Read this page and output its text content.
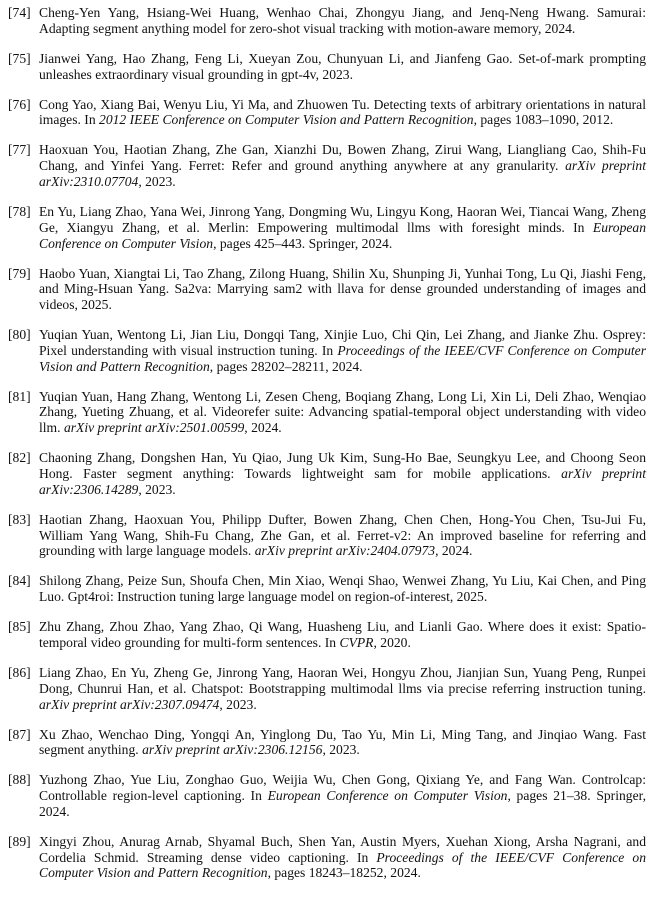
[74] Cheng-Yen Yang, Hsiang-Wei Huang, Wenhao Chai, Zhongyu Jiang, and Jenq-Neng Hwang. Samurai: Adapting segment anything model for zero-shot visual tracking with motion-aware memory, 2024.
[75] Jianwei Yang, Hao Zhang, Feng Li, Xueyan Zou, Chunyuan Li, and Jianfeng Gao. Set-of-mark prompting unleashes extraordinary visual grounding in gpt-4v, 2023.
[76] Cong Yao, Xiang Bai, Wenyu Liu, Yi Ma, and Zhuowen Tu. Detecting texts of arbitrary orientations in natural images. In 2012 IEEE Conference on Computer Vision and Pattern Recognition, pages 1083–1090, 2012.
[77] Haoxuan You, Haotian Zhang, Zhe Gan, Xianzhi Du, Bowen Zhang, Zirui Wang, Liangliang Cao, Shih-Fu Chang, and Yinfei Yang. Ferret: Refer and ground anything anywhere at any granularity. arXiv preprint arXiv:2310.07704, 2023.
[78] En Yu, Liang Zhao, Yana Wei, Jinrong Yang, Dongming Wu, Lingyu Kong, Haoran Wei, Tiancai Wang, Zheng Ge, Xiangyu Zhang, et al. Merlin: Empowering multimodal llms with foresight minds. In European Conference on Computer Vision, pages 425–443. Springer, 2024.
[79] Haobo Yuan, Xiangtai Li, Tao Zhang, Zilong Huang, Shilin Xu, Shunping Ji, Yunhai Tong, Lu Qi, Jiashi Feng, and Ming-Hsuan Yang. Sa2va: Marrying sam2 with llava for dense grounded understanding of images and videos, 2025.
[80] Yuqian Yuan, Wentong Li, Jian Liu, Dongqi Tang, Xinjie Luo, Chi Qin, Lei Zhang, and Jianke Zhu. Osprey: Pixel understanding with visual instruction tuning. In Proceedings of the IEEE/CVF Conference on Computer Vision and Pattern Recognition, pages 28202–28211, 2024.
[81] Yuqian Yuan, Hang Zhang, Wentong Li, Zesen Cheng, Boqiang Zhang, Long Li, Xin Li, Deli Zhao, Wenqiao Zhang, Yueting Zhuang, et al. Videorefer suite: Advancing spatial-temporal object understanding with video llm. arXiv preprint arXiv:2501.00599, 2024.
[82] Chaoning Zhang, Dongshen Han, Yu Qiao, Jung Uk Kim, Sung-Ho Bae, Seungkyu Lee, and Choong Seon Hong. Faster segment anything: Towards lightweight sam for mobile applications. arXiv preprint arXiv:2306.14289, 2023.
[83] Haotian Zhang, Haoxuan You, Philipp Dufter, Bowen Zhang, Chen Chen, Hong-You Chen, Tsu-Jui Fu, William Yang Wang, Shih-Fu Chang, Zhe Gan, et al. Ferret-v2: An improved baseline for referring and grounding with large language models. arXiv preprint arXiv:2404.07973, 2024.
[84] Shilong Zhang, Peize Sun, Shoufa Chen, Min Xiao, Wenqi Shao, Wenwei Zhang, Yu Liu, Kai Chen, and Ping Luo. Gpt4roi: Instruction tuning large language model on region-of-interest, 2025.
[85] Zhu Zhang, Zhou Zhao, Yang Zhao, Qi Wang, Huasheng Liu, and Lianli Gao. Where does it exist: Spatio-temporal video grounding for multi-form sentences. In CVPR, 2020.
[86] Liang Zhao, En Yu, Zheng Ge, Jinrong Yang, Haoran Wei, Hongyu Zhou, Jianjian Sun, Yuang Peng, Runpei Dong, Chunrui Han, et al. Chatspot: Bootstrapping multimodal llms via precise referring instruction tuning. arXiv preprint arXiv:2307.09474, 2023.
[87] Xu Zhao, Wenchao Ding, Yongqi An, Yinglong Du, Tao Yu, Min Li, Ming Tang, and Jinqiao Wang. Fast segment anything. arXiv preprint arXiv:2306.12156, 2023.
[88] Yuzhong Zhao, Yue Liu, Zonghao Guo, Weijia Wu, Chen Gong, Qixiang Ye, and Fang Wan. Controlcap: Controllable region-level captioning. In European Conference on Computer Vision, pages 21–38. Springer, 2024.
[89] Xingyi Zhou, Anurag Arnab, Shyamal Buch, Shen Yan, Austin Myers, Xuehan Xiong, Arsha Nagrani, and Cordelia Schmid. Streaming dense video captioning. In Proceedings of the IEEE/CVF Conference on Computer Vision and Pattern Recognition, pages 18243–18252, 2024.
